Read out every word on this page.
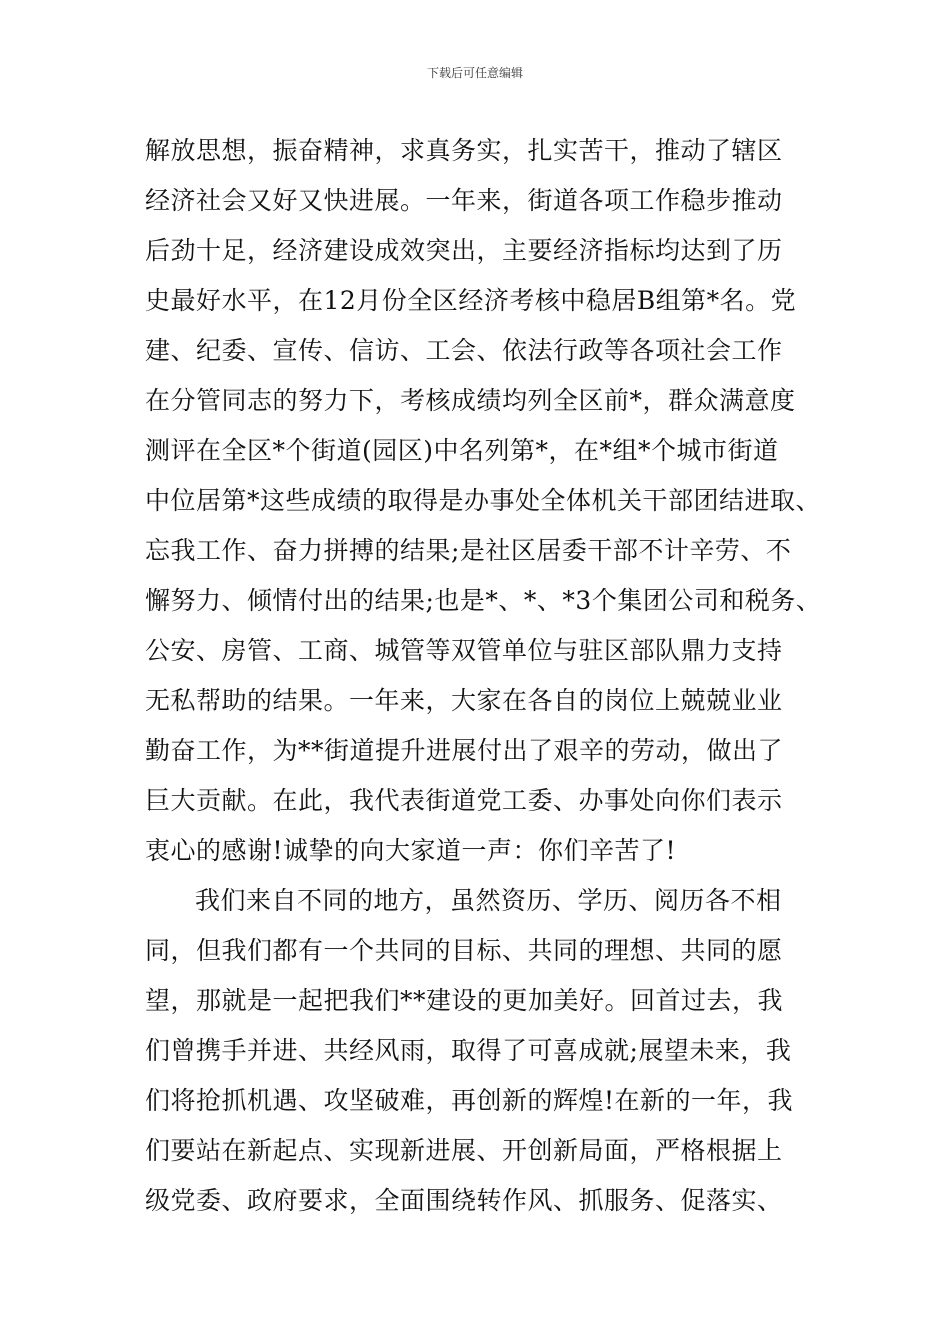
下载后可任意编辑
解放思想，振奋精神，求真务实，扎实苦干，推动了辖区
经济社会又好又快进展。一年来，街道各项工作稳步推动
后劲十足，经济建设成效突出，主要经济指标均达到了历
史最好水平，在12月份全区经济考核中稳居B组第*名。党
建、纪委、宣传、信访、工会、依法行政等各项社会工作
在分管同志的努力下，考核成绩均列全区前*，群众满意度
测评在全区*个街道(园区)中名列第*，在*组*个城市街道
中位居第*这些成绩的取得是办事处全体机关干部团结进取、
忘我工作、奋力拼搏的结果;是社区居委干部不计辛劳、不
懈努力、倾情付出的结果;也是*、*、*3个集团公司和税务、
公安、房管、工商、城管等双管单位与驻区部队鼎力支持
无私帮助的结果。一年来，大家在各自的岗位上兢兢业业
勤奋工作，为**街道提升进展付出了艰辛的劳动，做出了
巨大贡献。在此，我代表街道党工委、办事处向你们表示
衷心的感谢!诚挚的向大家道一声：你们辛苦了!
我们来自不同的地方，虽然资历、学历、阅历各不相
同，但我们都有一个共同的目标、共同的理想、共同的愿
望，那就是一起把我们**建设的更加美好。回首过去，我
们曾携手并进、共经风雨，取得了可喜成就;展望未来，我
们将抢抓机遇、攻坚破难，再创新的辉煌!在新的一年，我
们要站在新起点、实现新进展、开创新局面，严格根据上
级党委、政府要求，全面围绕转作风、抓服务、促落实、
